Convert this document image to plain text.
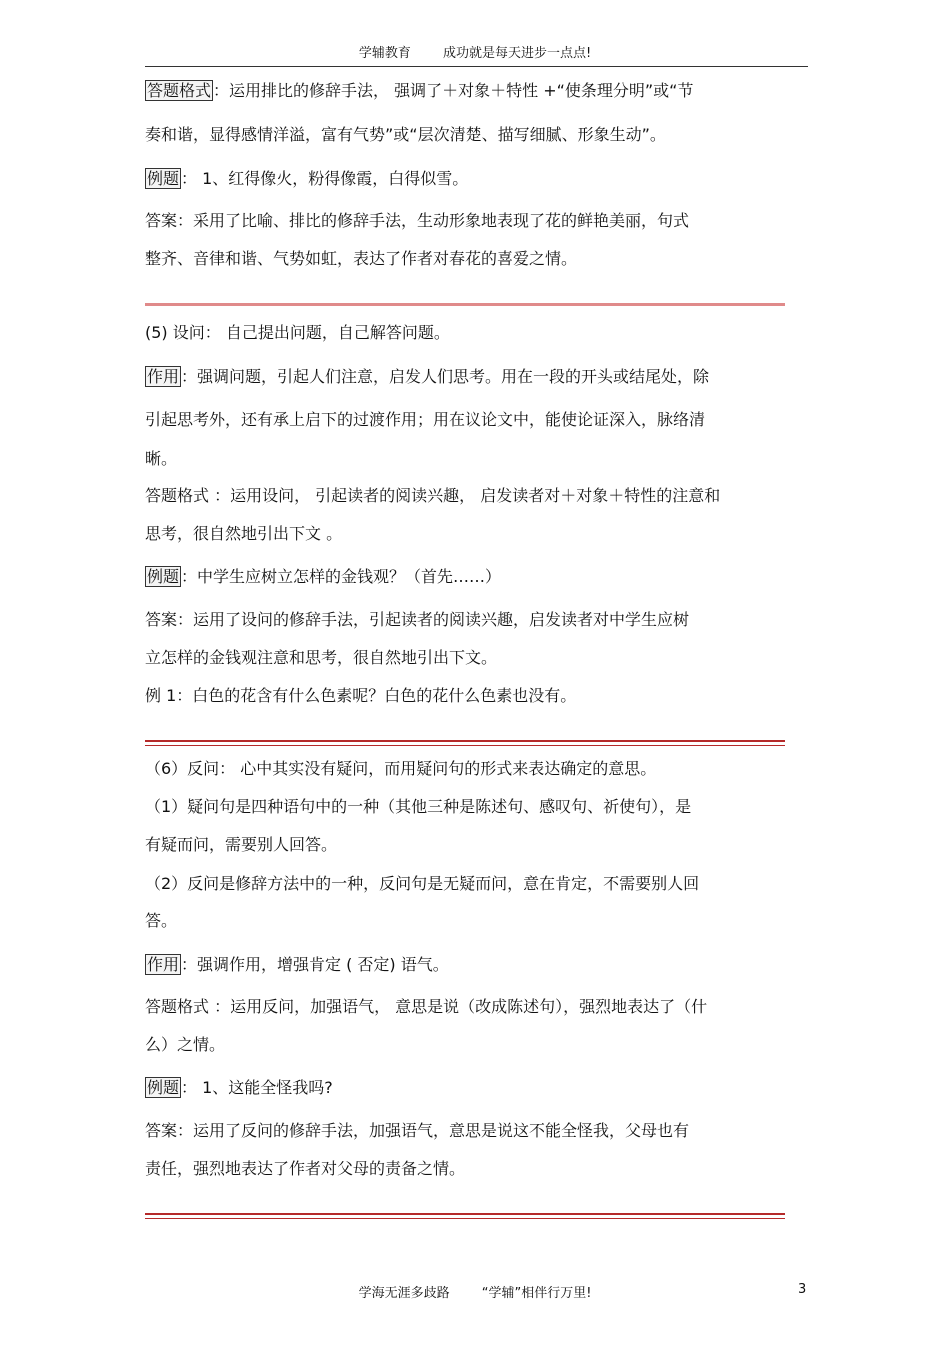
学辅教育 成功就是每天进步一点点!
答题格式 ：运用排比的修辞手法， 强调了＋对象＋特性 +“使条理分明”或“节
奏和谐，显得感情洋溢，富有气势”或“层次清楚、描写细腻、形象生动”。
例题 ： 1、红得像火，粉得像霞，白得似雪。
答案：采用了比喻、排比的修辞手法，生动形象地表现了花的鲜艳美丽，句式
整齐、音律和谐、气势如虹，表达了作者对春花的喜爱之情。
(5) 设问： 自己提出问题，自己解答问题。
作用 ：强调问题，引起人们注意，启发人们思考。用在一段的开头或结尾处，除
引起思考外，还有承上启下的过渡作用；用在议论文中，能使论证深入，脉络清
晰。
答题格式 ：运用设问， 引起读者的阅读兴趣， 启发读者对＋对象＋特性的注意和
思考，很自然地引出下文 。
例题 ：中学生应树立怎样的金钱观？（首先……）
答案：运用了设问的修辞手法，引起读者的阅读兴趣，启发读者对中学生应树
立怎样的金钱观注意和思考，很自然地引出下文。
例 1：白色的花含有什么色素呢？白色的花什么色素也没有。
（6）反问： 心中其实没有疑问，而用疑问句的形式来表达确定的意思。
（1）疑问句是四种语句中的一种（其他三种是陈述句、感叹句、祈使句），是
有疑而问，需要别人回答。
（2）反问是修辞方法中的一种，反问句是无疑而问，意在肯定，不需要别人回
答。
作用 ：强调作用，增强肯定 ( 否定) 语气。
答题格式 ：运用反问，加强语气， 意思是说（改成陈述句），强烈地表达了（什
么）之情。
例题 ： 1、这能全怪我吗?
答案：运用了反问的修辞手法，加强语气，意思是说这不能全怪我，父母也有
责任，强烈地表达了作者对父母的责备之情。
学海无涯多歧路 “学辅”相伴行万里!	3
